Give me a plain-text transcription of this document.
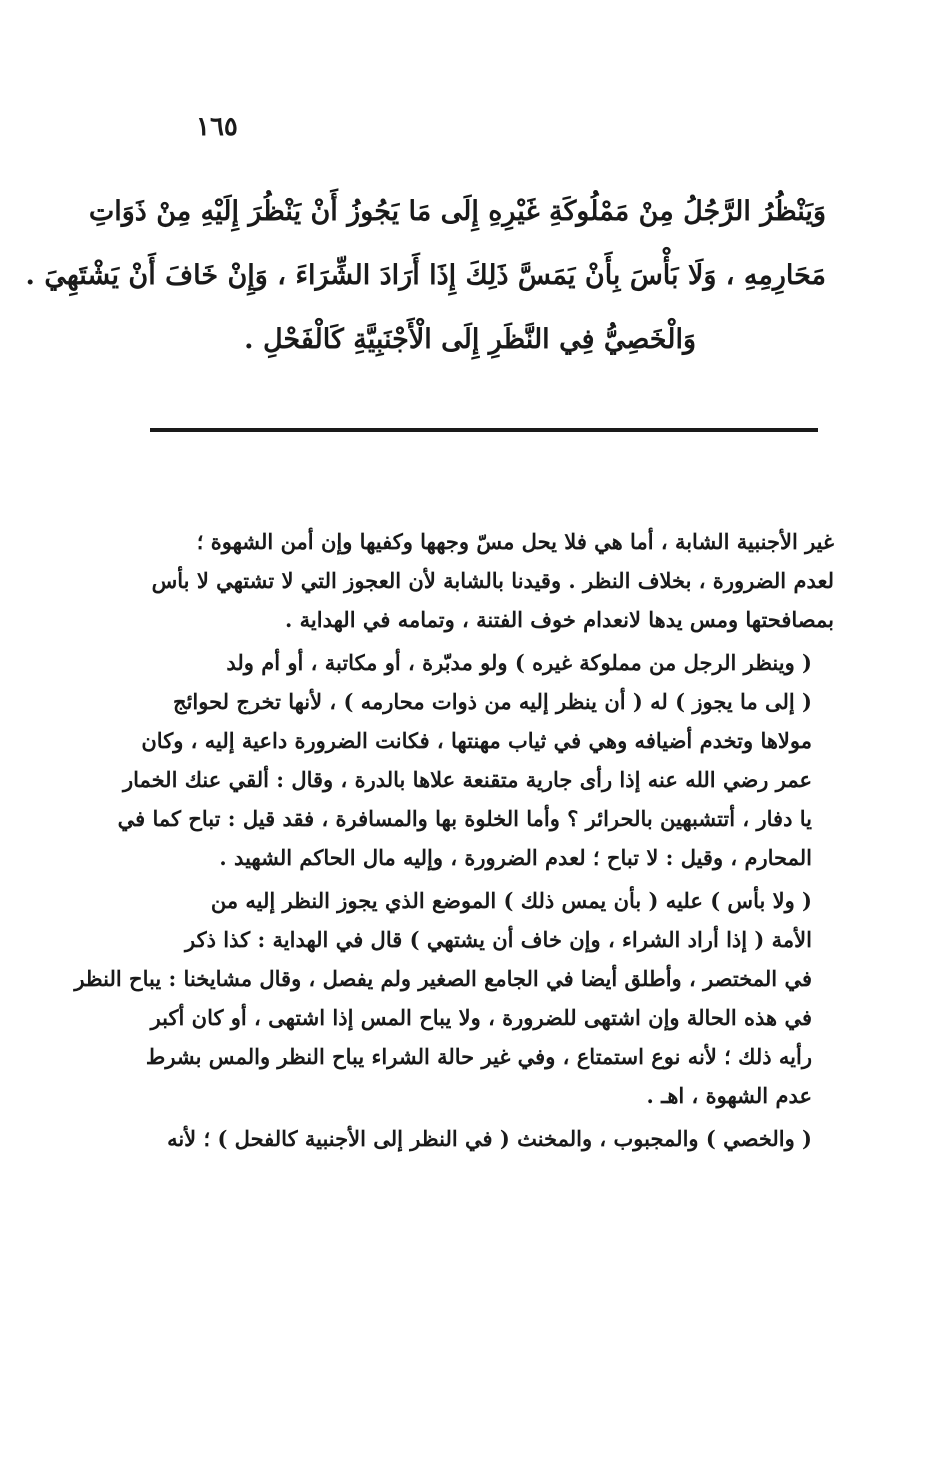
١٦٥
وَيَنْظُرُ الرَّجُلُ مِنْ مَمْلُوكَةِ غَيْرِهِ إِلَى مَا يَجُوزُ أَنْ يَنْظُرَ إِلَيْهِ مِنْ ذَوَاتِ
مَحَارِمِهِ ، وَلَا بَأْسَ بِأَنْ يَمَسَّ ذَلِكَ إِذَا أَرَادَ الشِّرَاءَ ، وَإِنْ خَافَ أَنْ يَشْتَهِيَ .
وَالْخَصِيُّ فِي النَّظَرِ إِلَى الْأَجْنَبِيَّةِ كَالْفَحْلِ .

غير الأجنبية الشابة ، أما هي فلا يحل مسّ وجهها وكفيها وإن أمن الشهوة ؛
لعدم الضرورة ، بخلاف النظر . وقيدنا بالشابة لأن العجوز التي لا تشتهي لا بأس
بمصافحتها ومس يدها لانعدام خوف الفتنة ، وتمامه في الهداية .

( وينظر الرجل من مملوكة غيره ) ولو مدبّرة ، أو مكاتبة ، أو أم ولد
( إلى ما يجوز ) له ( أن ينظر إليه من ذوات محارمه ) ، لأنها تخرج لحوائج
مولاها وتخدم أضيافه وهي في ثياب مهنتها ، فكانت الضرورة داعية إليه ، وكان
عمر رضي الله عنه إذا رأى جارية متقنعة علاها بالدرة ، وقال : ألقي عنك الخمار
يا دفار ، أتتشبهين بالحرائر ؟ وأما الخلوة بها والمسافرة ، فقد قيل : تباح كما في
المحارم ، وقيل : لا تباح ؛ لعدم الضرورة ، وإليه مال الحاكم الشهيد .

( ولا بأس ) عليه ( بأن يمس ذلك ) الموضع الذي يجوز النظر إليه من
الأمة ( إذا أراد الشراء ، وإن خاف أن يشتهي ) قال في الهداية : كذا ذكر
في المختصر ، وأطلق أيضا في الجامع الصغير ولم يفصل ، وقال مشايخنا : يباح النظر
في هذه الحالة وإن اشتهى للضرورة ، ولا يباح المس إذا اشتهى ، أو كان أكبر
رأيه ذلك ؛ لأنه نوع استمتاع ، وفي غير حالة الشراء يباح النظر والمس بشرط
عدم الشهوة ، اهـ .

( والخصي ) والمجبوب ، والمخنث ( في النظر إلى الأجنبية كالفحل ) ؛ لأنه
